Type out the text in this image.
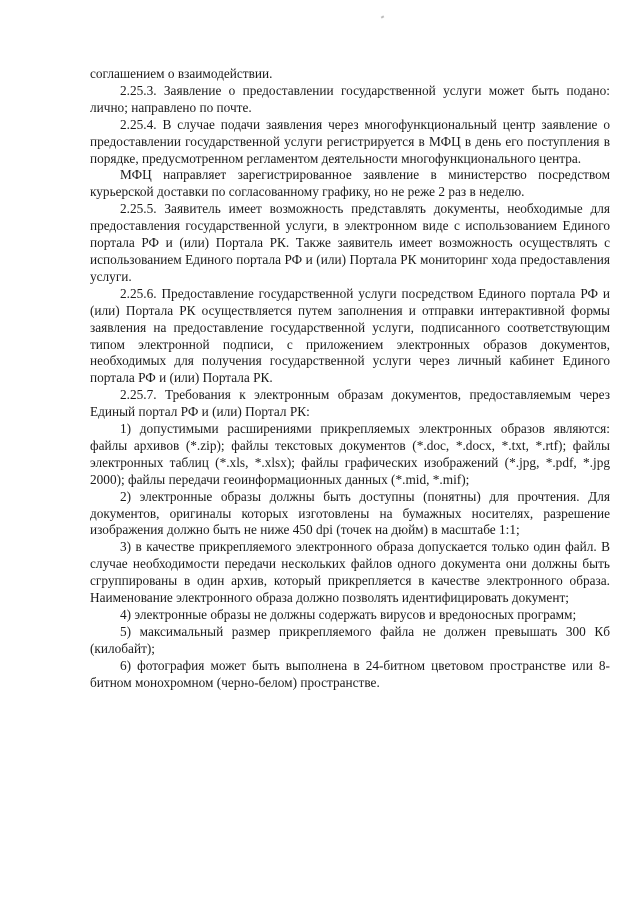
соглашением о взаимодействии.

2.25.3. Заявление о предоставлении государственной услуги может быть подано: лично; направлено по почте.

2.25.4. В случае подачи заявления через многофункциональный центр заявление о предоставлении государственной услуги регистрируется в МФЦ в день его поступления в порядке, предусмотренном регламентом деятельности многофункционального центра.

МФЦ направляет зарегистрированное заявление в министерство посредством курьерской доставки по согласованному графику, но не реже 2 раз в неделю.

2.25.5. Заявитель имеет возможность представлять документы, необходимые для предоставления государственной услуги, в электронном виде с использованием Единого портала РФ и (или) Портала РК. Также заявитель имеет возможность осуществлять с использованием Единого портала РФ и (или) Портала РК мониторинг хода предоставления услуги.

2.25.6. Предоставление государственной услуги посредством Единого портала РФ и (или) Портала РК осуществляется путем заполнения и отправки интерактивной формы заявления на предоставление государственной услуги, подписанного соответствующим типом электронной подписи, с приложением электронных образов документов, необходимых для получения государственной услуги через личный кабинет Единого портала РФ и (или) Портала РК.

2.25.7. Требования к электронным образам документов, предоставляемым через Единый портал РФ и (или) Портал РК:

1) допустимыми расширениями прикрепляемых электронных образов являются: файлы архивов (*.zip); файлы текстовых документов (*.doc, *.docx, *.txt, *.rtf); файлы электронных таблиц (*.xls, *.xlsx); файлы графических изображений (*.jpg, *.pdf, *.jpg 2000); файлы передачи геоинформационных данных (*.mid, *.mif);

2) электронные образы должны быть доступны (понятны) для прочтения. Для документов, оригиналы которых изготовлены на бумажных носителях, разрешение изображения должно быть не ниже 450 dpi (точек на дюйм) в масштабе 1:1;

3) в качестве прикрепляемого электронного образа допускается только один файл. В случае необходимости передачи нескольких файлов одного документа они должны быть сгруппированы в один архив, который прикрепляется в качестве электронного образа. Наименование электронного образа должно позволять идентифицировать документ;

4) электронные образы не должны содержать вирусов и вредоносных программ;

5) максимальный размер прикрепляемого файла не должен превышать 300 Кб (килобайт);

6) фотография может быть выполнена в 24-битном цветовом пространстве или 8-битном монохромном (черно-белом) пространстве.
